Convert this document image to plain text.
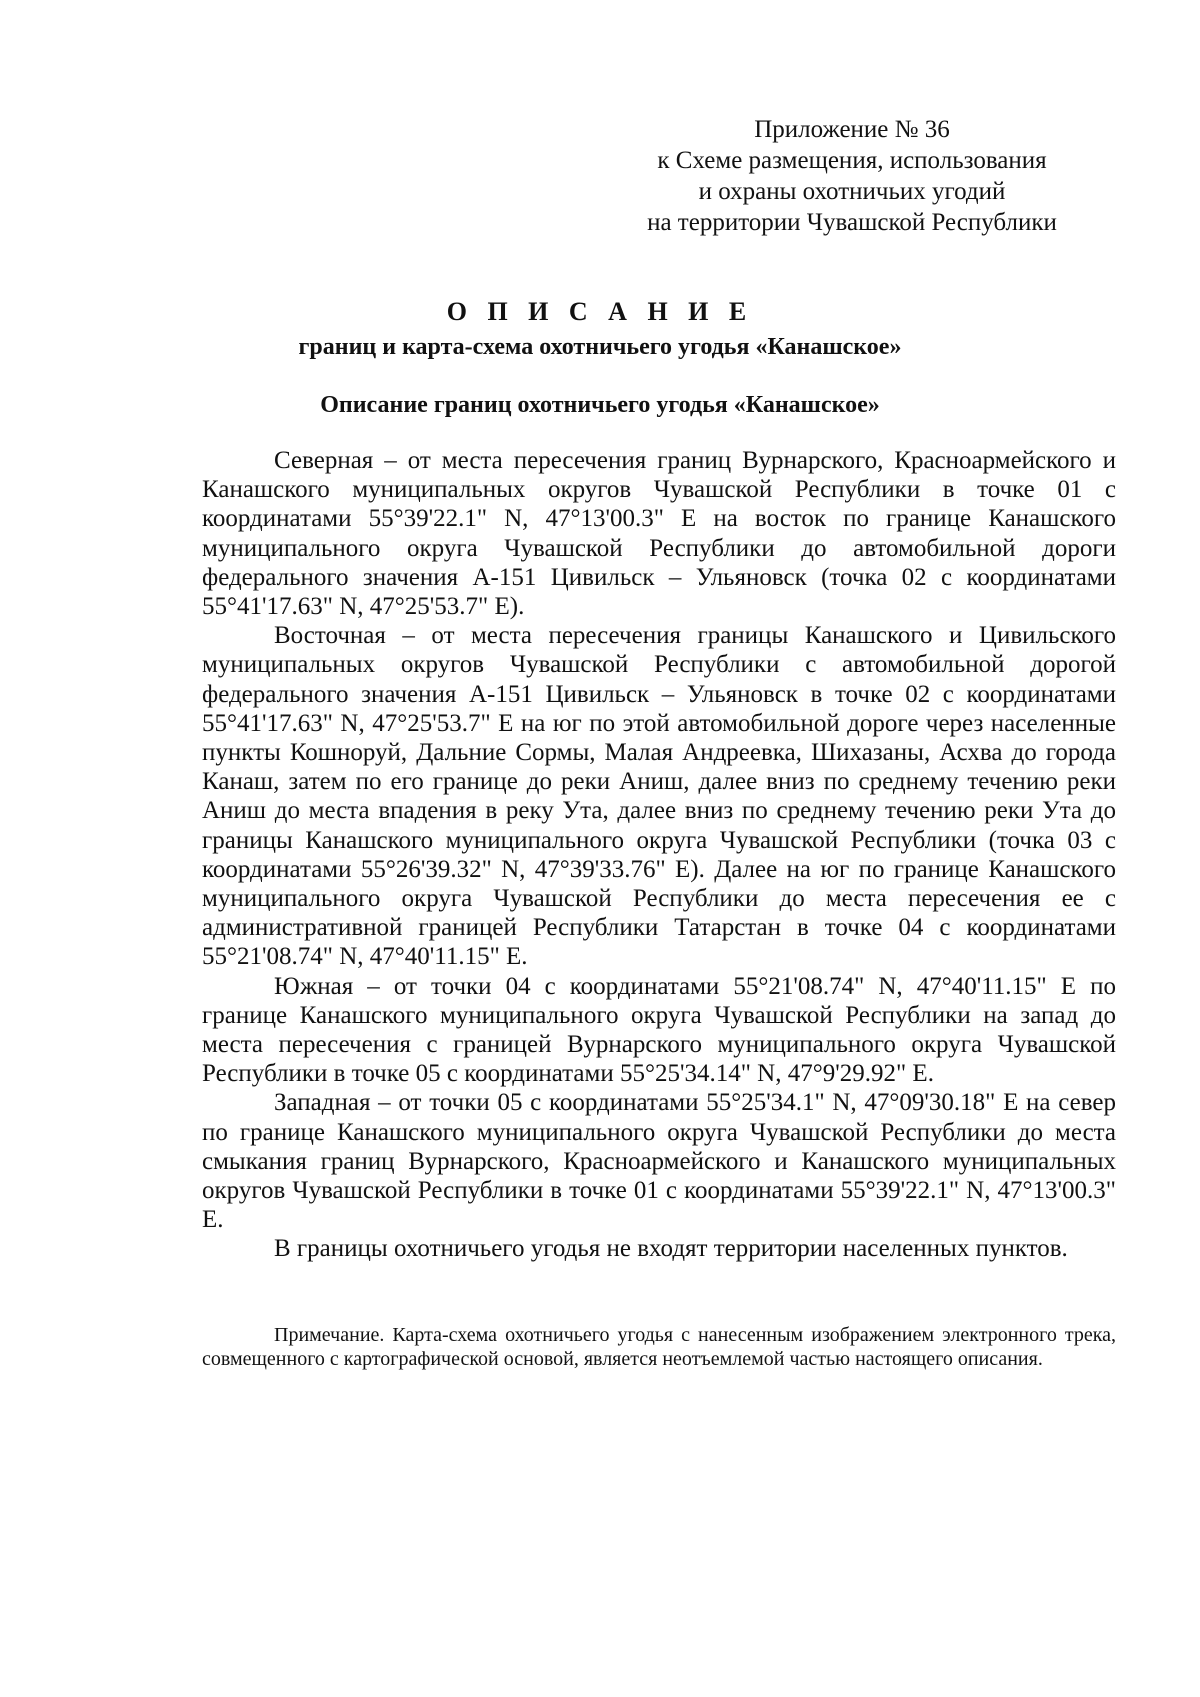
Приложение № 36
к Схеме размещения, использования
и охраны охотничьих угодий
на территории Чувашской Республики
О П И С А Н И Е
границ и карта-схема охотничьего угодья «Канашское»
Описание границ охотничьего угодья «Канашское»

Северная – от места пересечения границ Вурнарского, Красноармейского и Канашского муниципальных округов Чувашской Республики в точке 01 с координатами 55°39'22.1" N, 47°13'00.3" E на восток по границе Канашского муниципального округа Чувашской Республики до автомобильной дороги федерального значения А-151 Цивильск – Ульяновск (точка 02 с координатами 55°41'17.63" N, 47°25'53.7" E).

Восточная – от места пересечения границы Канашского и Цивильского муниципальных округов Чувашской Республики с автомобильной дорогой федерального значения А-151 Цивильск – Ульяновск в точке 02 с координатами 55°41'17.63" N, 47°25'53.7" E на юг по этой автомобильной дороге через населенные пункты Кошноруй, Дальние Сормы, Малая Андреевка, Шихазаны, Асхва до города Канаш, затем по его границе до реки Аниш, далее вниз по среднему течению реки Аниш до места впадения в реку Ута, далее вниз по среднему течению реки Ута до границы Канашского муниципального округа Чувашской Республики (точка 03 с координатами 55°26'39.32" N, 47°39'33.76" E). Далее на юг по границе Канашского муниципального округа Чувашской Республики до места пересечения ее с административной границей Республики Татарстан в точке 04 с координатами 55°21'08.74" N, 47°40'11.15" E.

Южная – от точки 04 с координатами 55°21'08.74" N, 47°40'11.15" E по границе Канашского муниципального округа Чувашской Республики на запад до места пересечения с границей Вурнарского муниципального округа Чувашской Республики в точке 05 с координатами 55°25'34.14" N, 47°9'29.92" E.

Западная – от точки 05 с координатами 55°25'34.1" N, 47°09'30.18" E на север по границе Канашского муниципального округа Чувашской Республики до места смыкания границ Вурнарского, Красноармейского и Канашского муниципальных округов Чувашской Республики в точке 01 с координатами 55°39'22.1" N, 47°13'00.3" E.

В границы охотничьего угодья не входят территории населенных пунктов.

Примечание. Карта-схема охотничьего угодья с нанесенным изображением электронного трека, совмещенного с картографической основой, является неотъемлемой частью настоящего описания.
